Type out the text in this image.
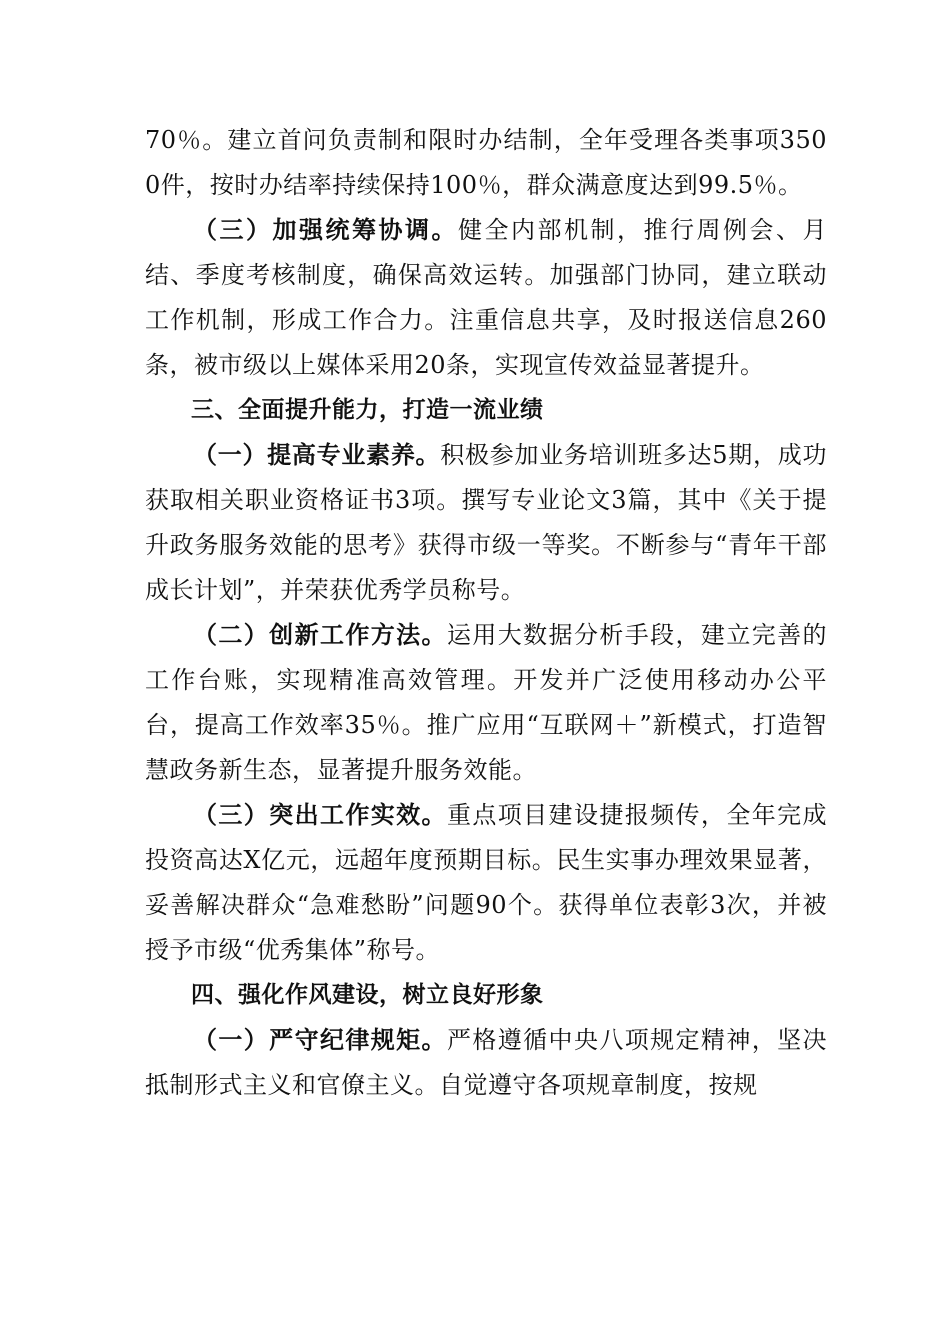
70％。建立首问负责制和限时办结制，全年受理各类事项3500件，按时办结率持续保持100％，群众满意度达到99.5％。

（三）加强统筹协调。健全内部机制，推行周例会、月结、季度考核制度，确保高效运转。加强部门协同，建立联动工作机制，形成工作合力。注重信息共享，及时报送信息260条，被市级以上媒体采用20条，实现宣传效益显著提升。

三、全面提升能力，打造一流业绩

（一）提高专业素养。积极参加业务培训班多达5期，成功获取相关职业资格证书3项。撰写专业论文3篇，其中《关于提升政务服务效能的思考》获得市级一等奖。不断参与“青年干部成长计划”，并荣获优秀学员称号。

（二）创新工作方法。运用大数据分析手段，建立完善的工作台账，实现精准高效管理。开发并广泛使用移动办公平台，提高工作效率35％。推广应用“互联网＋”新模式，打造智慧政务新生态，显著提升服务效能。

（三）突出工作实效。重点项目建设捷报频传，全年完成投资高达X亿元，远超年度预期目标。民生实事办理效果显著，妥善解决群众“急难愁盼”问题90个。获得单位表彰3次，并被授予市级“优秀集体”称号。

四、强化作风建设，树立良好形象

（一）严守纪律规矩。严格遵循中央八项规定精神，坚决抵制形式主义和官僚主义。自觉遵守各项规章制度，按规
